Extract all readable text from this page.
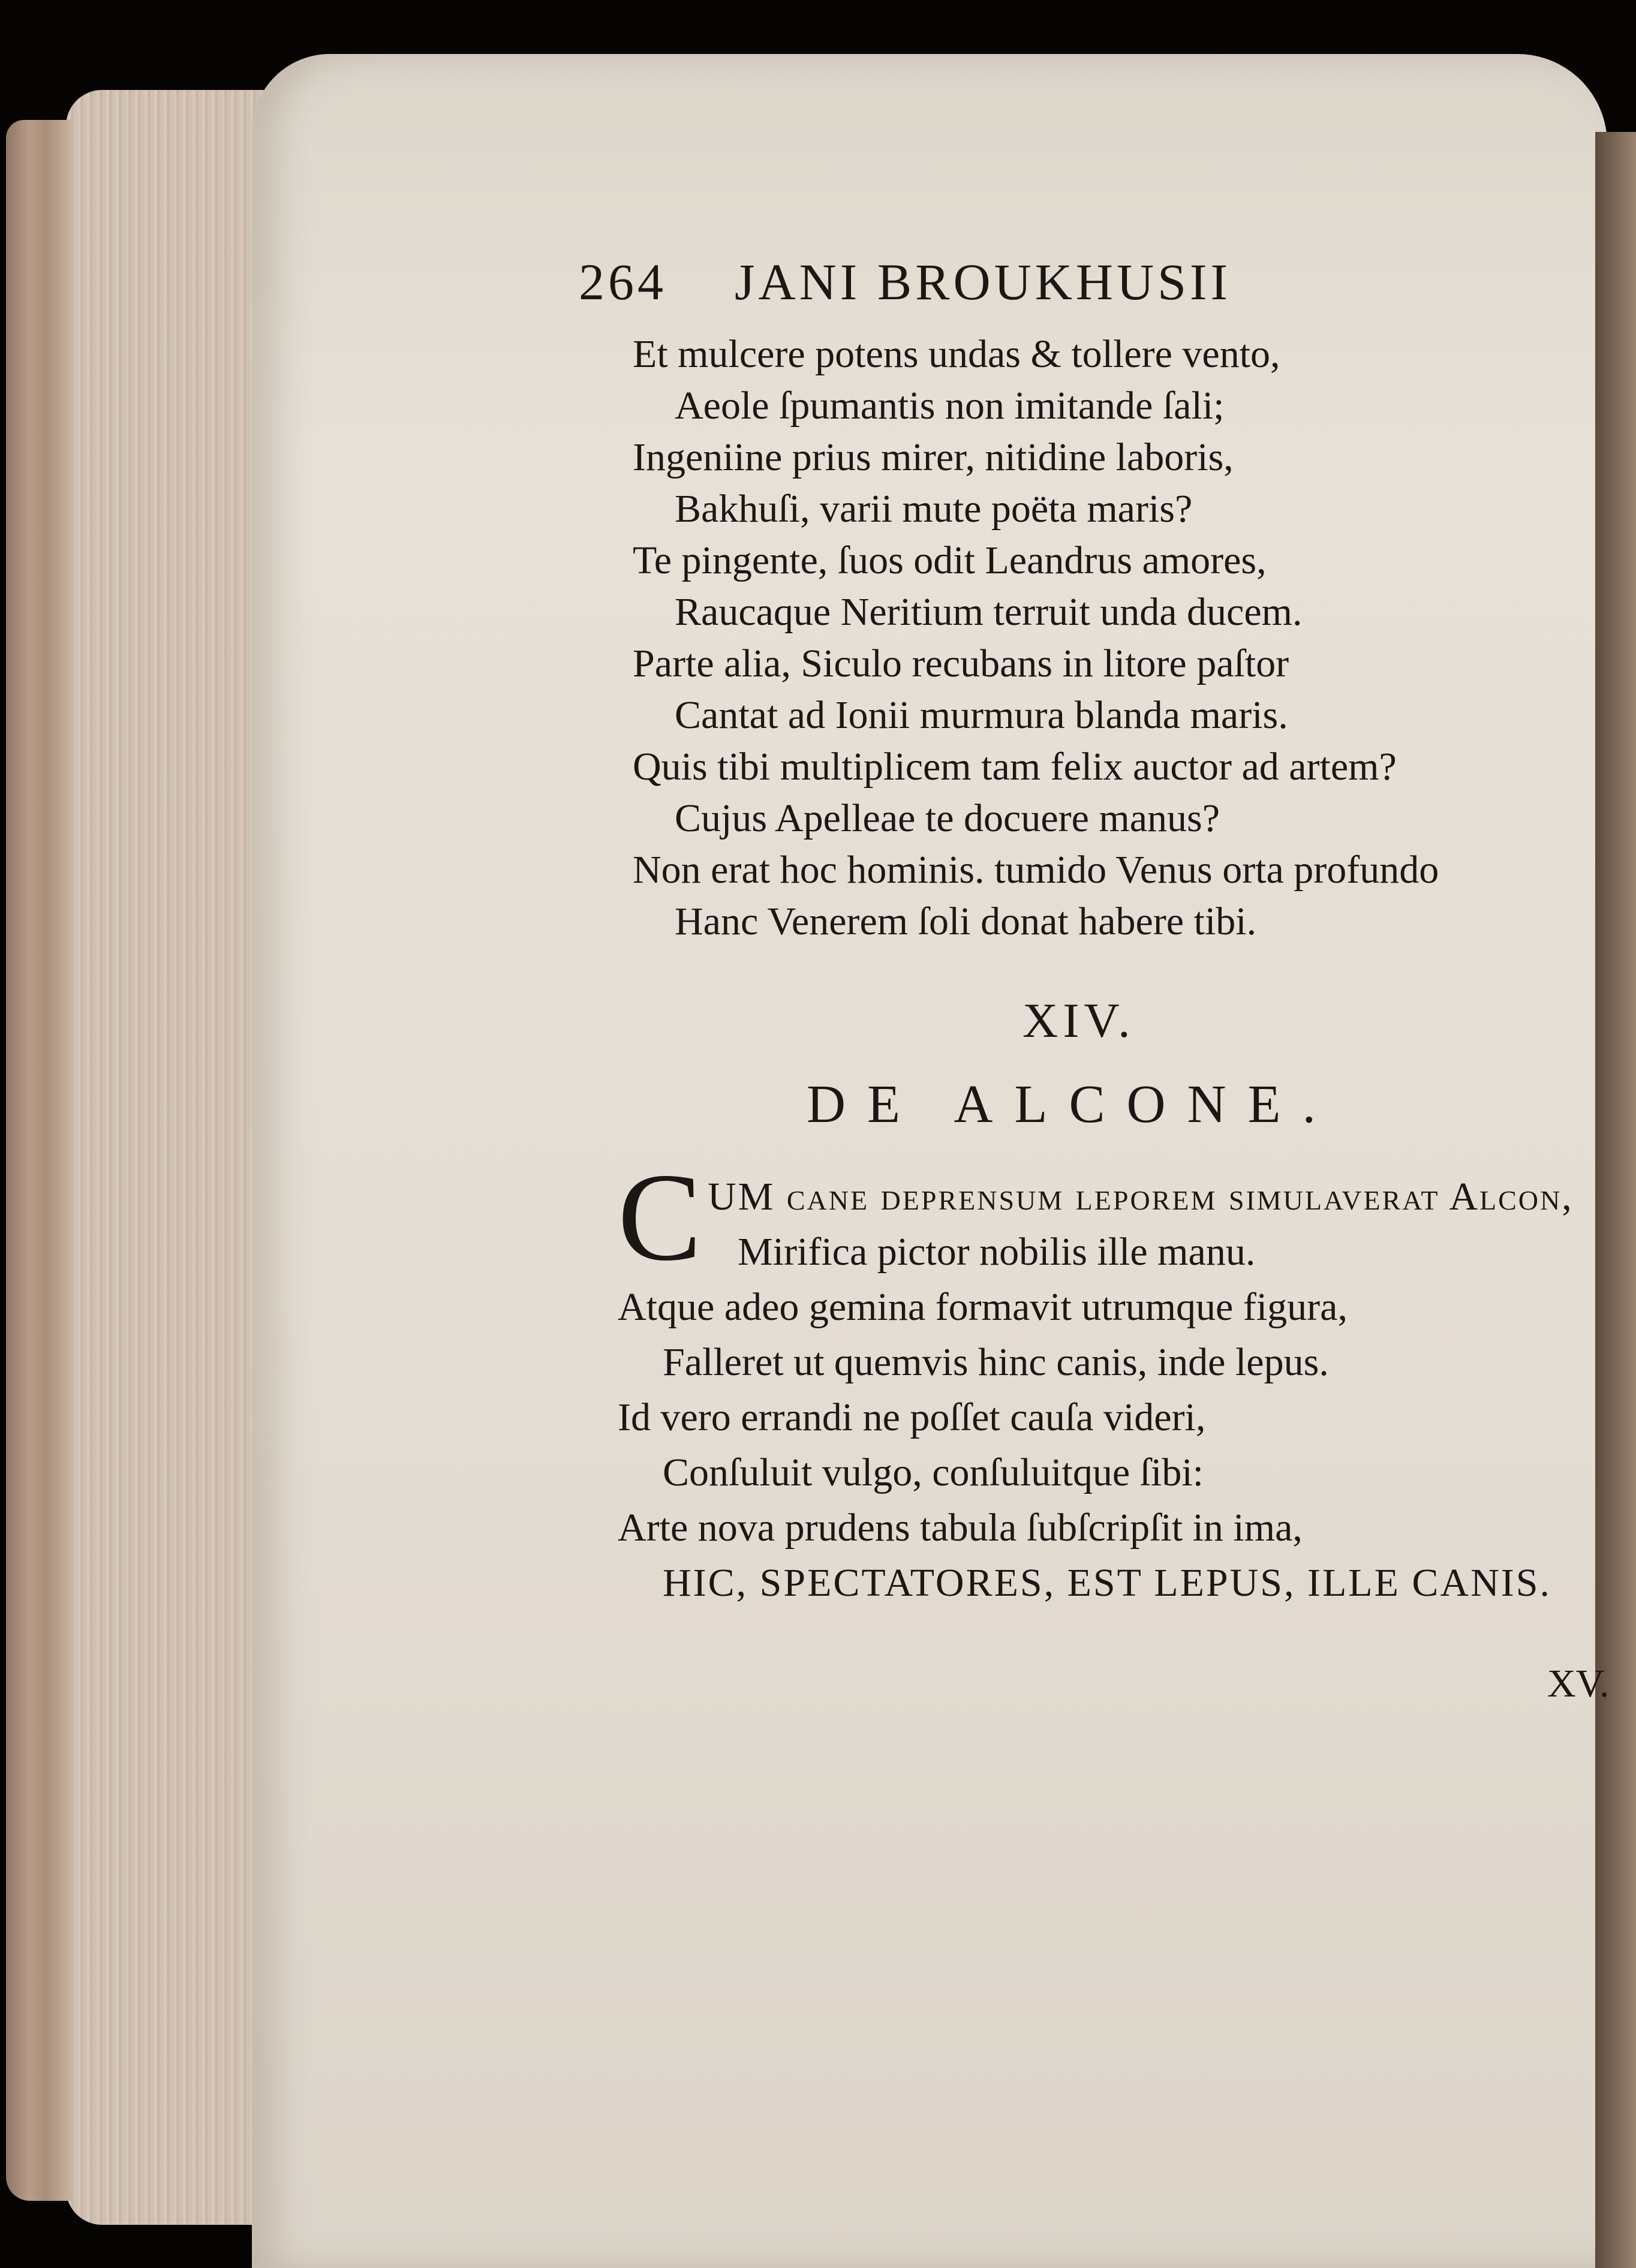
264 JANI BROUKHUSII
Et mulcere potens undas & tollere vento,
Aeole ſpumantis non imitande ſali;
Ingeniine prius mirer, nitidine laboris,
Bakhuſi, varii mute poëta maris?
Te pingente, ſuos odit Leandrus amores,
Raucaque Neritium terruit unda ducem.
Parte alia, Siculo recubans in litore paſtor
Cantat ad Ionii murmura blanda maris.
Quis tibi multiplicem tam felix auctor ad artem?
Cujus Apelleae te docuere manus?
Non erat hoc hominis. tumido Venus orta profundo
Hanc Venerem ſoli donat habere tibi.
XIV.
DE ALCONE.
C UM cane deprenſum leporem ſimulaverat Alcon,
Mirifica pictor nobilis ille manu.
Atque adeo gemina formavit utrumque figura,
Falleret ut quemvis hinc canis, inde lepus.
Id vero errandi ne poſſet cauſa videri,
Conſuluit vulgo, conſuluitque ſibi:
Arte nova prudens tabula ſubſcripſit in ima,
HIC, SPECTATORES, EST LEPUS, ILLE CANIS.
XV.
